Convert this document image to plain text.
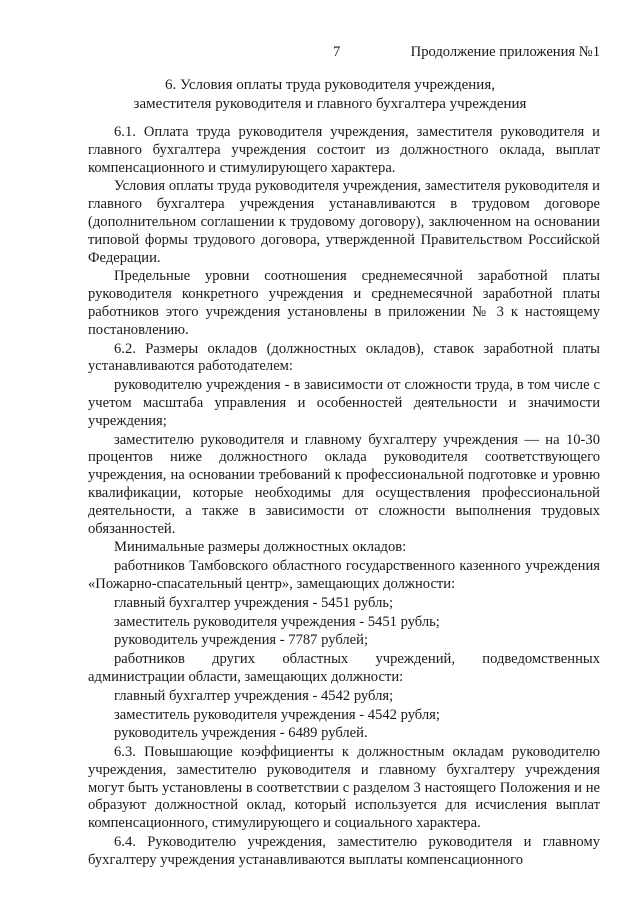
7	Продолжение приложения №1
6. Условия оплаты труда руководителя учреждения,
заместителя руководителя и главного бухгалтера учреждения
6.1. Оплата труда руководителя учреждения, заместителя руководителя и главного бухгалтера учреждения состоит из должностного оклада, выплат компенсационного и стимулирующего характера.
Условия оплаты труда руководителя учреждения, заместителя руководителя и главного бухгалтера учреждения устанавливаются в трудовом договоре (дополнительном соглашении к трудовому договору), заключенном на основании типовой формы трудового договора, утвержденной Правительством Российской Федерации.
Предельные уровни соотношения среднемесячной заработной платы руководителя конкретного учреждения и среднемесячной заработной платы работников этого учреждения установлены в приложении № 3 к настоящему постановлению.
6.2. Размеры окладов (должностных окладов), ставок заработной платы устанавливаются работодателем:
руководителю учреждения - в зависимости от сложности труда, в том числе с учетом масштаба управления и особенностей деятельности и значимости учреждения;
заместителю руководителя и главному бухгалтеру учреждения — на 10-30 процентов ниже должностного оклада руководителя соответствующего учреждения, на основании требований к профессиональной подготовке и уровню квалификации, которые необходимы для осуществления профессиональной деятельности, а также в зависимости от сложности выполнения трудовых обязанностей.
Минимальные размеры должностных окладов:
работников Тамбовского областного государственного казенного учреждения «Пожарно-спасательный центр», замещающих должности:
главный бухгалтер учреждения - 5451 рубль;
заместитель руководителя учреждения - 5451 рубль;
руководитель учреждения - 7787 рублей;
работников других областных учреждений, подведомственных администрации области, замещающих должности:
главный бухгалтер учреждения - 4542 рубля;
заместитель руководителя учреждения - 4542 рубля;
руководитель учреждения - 6489 рублей.
6.3. Повышающие коэффициенты к должностным окладам руководителю учреждения, заместителю руководителя и главному бухгалтеру учреждения могут быть установлены в соответствии с разделом 3 настоящего Положения и не образуют должностной оклад, который используется для исчисления выплат компенсационного, стимулирующего и социального характера.
6.4. Руководителю учреждения, заместителю руководителя и главному бухгалтеру учреждения устанавливаются выплаты компенсационного
